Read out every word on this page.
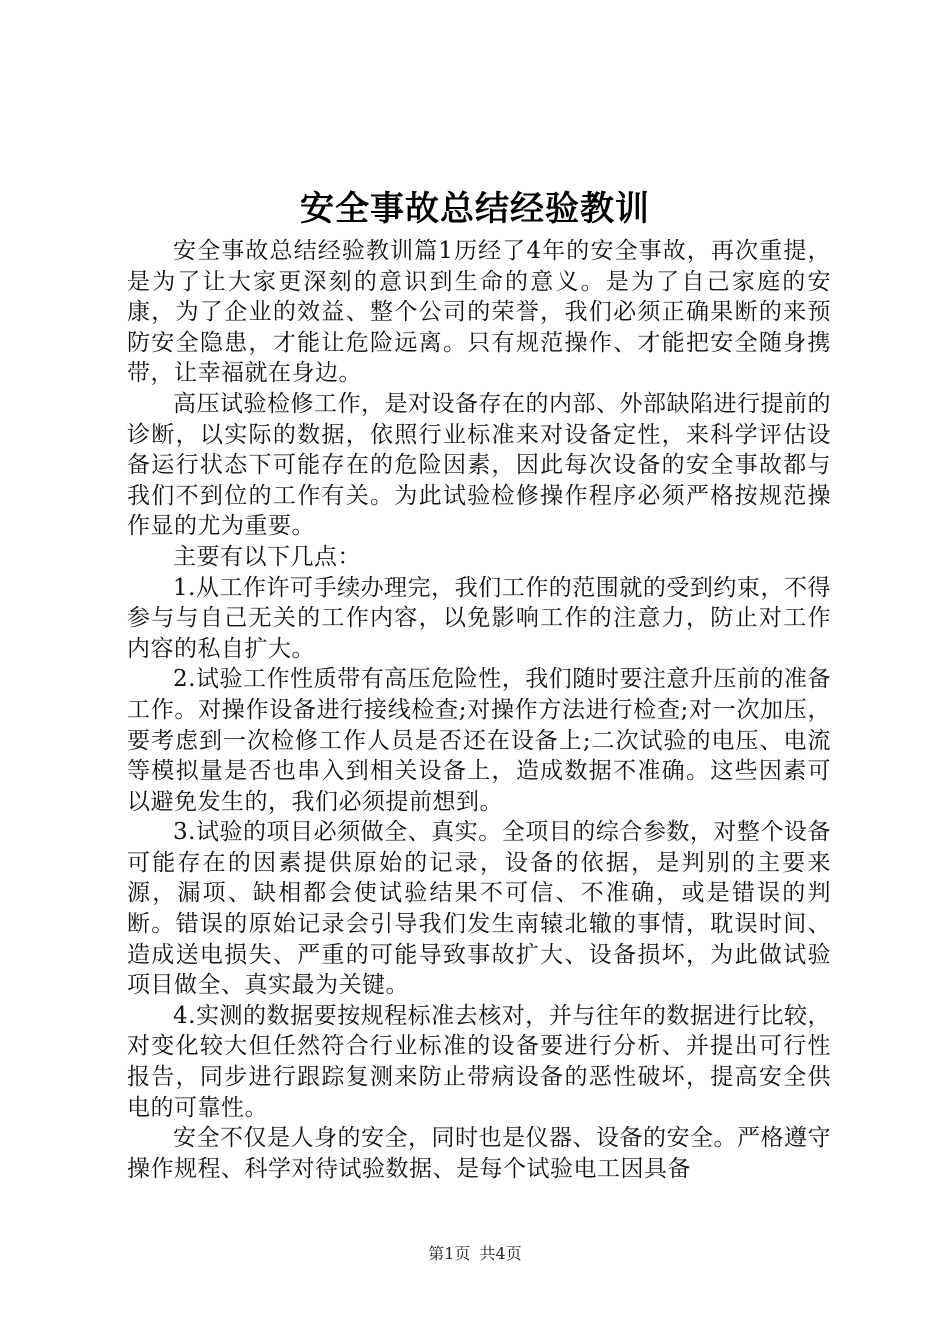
安全事故总结经验教训

安全事故总结经验教训篇1历经了4年的安全事故，再次重提，是为了让大家更深刻的意识到生命的意义。是为了自己家庭的安康，为了企业的效益、整个公司的荣誉，我们必须正确果断的来预防安全隐患，才能让危险远离。只有规范操作、才能把安全随身携带，让幸福就在身边。

高压试验检修工作，是对设备存在的内部、外部缺陷进行提前的诊断，以实际的数据，依照行业标准来对设备定性，来科学评估设备运行状态下可能存在的危险因素，因此每次设备的安全事故都与我们不到位的工作有关。为此试验检修操作程序必须严格按规范操作显的尤为重要。

主要有以下几点：

1.从工作许可手续办理完，我们工作的范围就的受到约束，不得参与与自己无关的工作内容，以免影响工作的注意力，防止对工作内容的私自扩大。

2.试验工作性质带有高压危险性，我们随时要注意升压前的准备工作。对操作设备进行接线检查;对操作方法进行检查;对一次加压，要考虑到一次检修工作人员是否还在设备上;二次试验的电压、电流等模拟量是否也串入到相关设备上，造成数据不准确。这些因素可以避免发生的，我们必须提前想到。

3.试验的项目必须做全、真实。全项目的综合参数，对整个设备可能存在的因素提供原始的记录，设备的依据，是判别的主要来源，漏项、缺相都会使试验结果不可信、不准确，或是错误的判断。错误的原始记录会引导我们发生南辕北辙的事情，耽误时间、造成送电损失、严重的可能导致事故扩大、设备损坏，为此做试验项目做全、真实最为关键。

4.实测的数据要按规程标准去核对，并与往年的数据进行比较，对变化较大但任然符合行业标准的设备要进行分析、并提出可行性报告，同步进行跟踪复测来防止带病设备的恶性破坏，提高安全供电的可靠性。

安全不仅是人身的安全，同时也是仪器、设备的安全。严格遵守操作规程、科学对待试验数据、是每个试验电工因具备

第1页 共4页
